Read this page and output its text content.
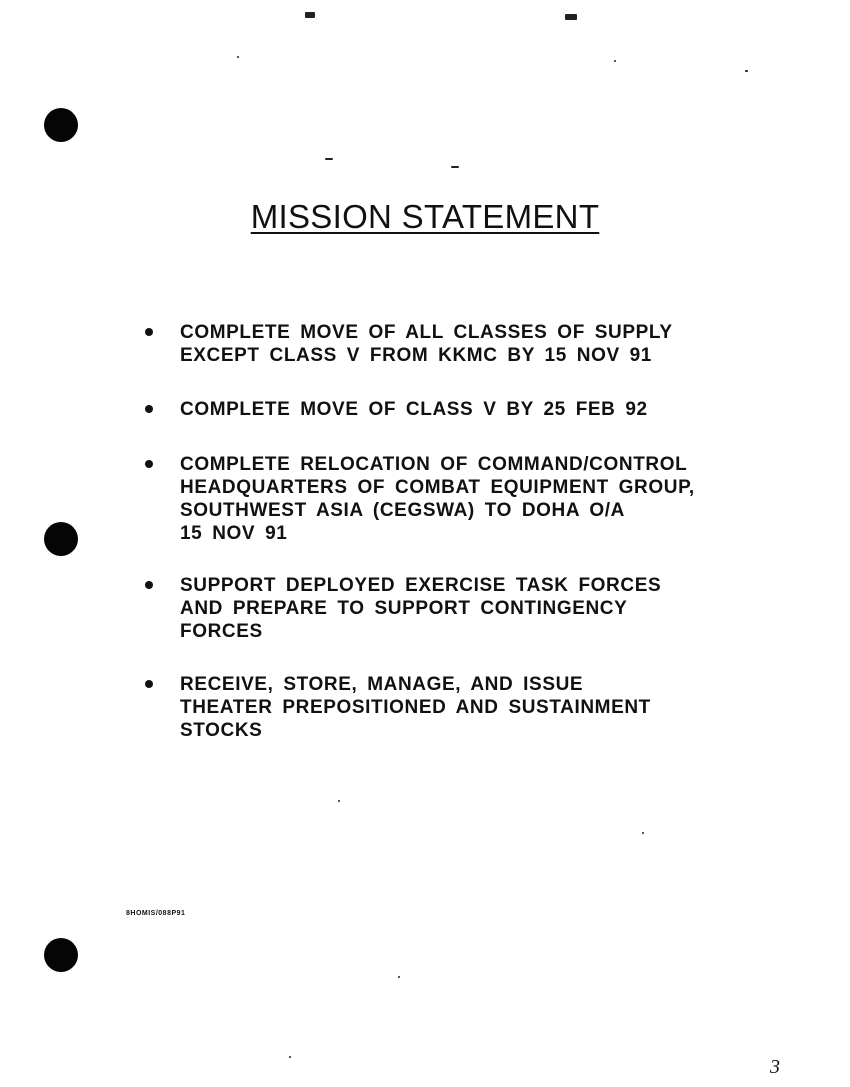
MISSION STATEMENT
COMPLETE MOVE OF ALL CLASSES OF SUPPLY
EXCEPT CLASS V FROM KKMC BY 15 NOV 91
COMPLETE MOVE OF CLASS V BY 25 FEB 92
COMPLETE RELOCATION OF COMMAND/CONTROL
HEADQUARTERS OF COMBAT EQUIPMENT GROUP,
SOUTHWEST ASIA (CEGSWA) TO DOHA O/A
15 NOV 91
SUPPORT DEPLOYED EXERCISE TASK FORCES
AND PREPARE TO SUPPORT CONTINGENCY
FORCES
RECEIVE, STORE, MANAGE, AND ISSUE
THEATER PREPOSITIONED AND SUSTAINMENT
STOCKS
8HOMIS/088P91
3
